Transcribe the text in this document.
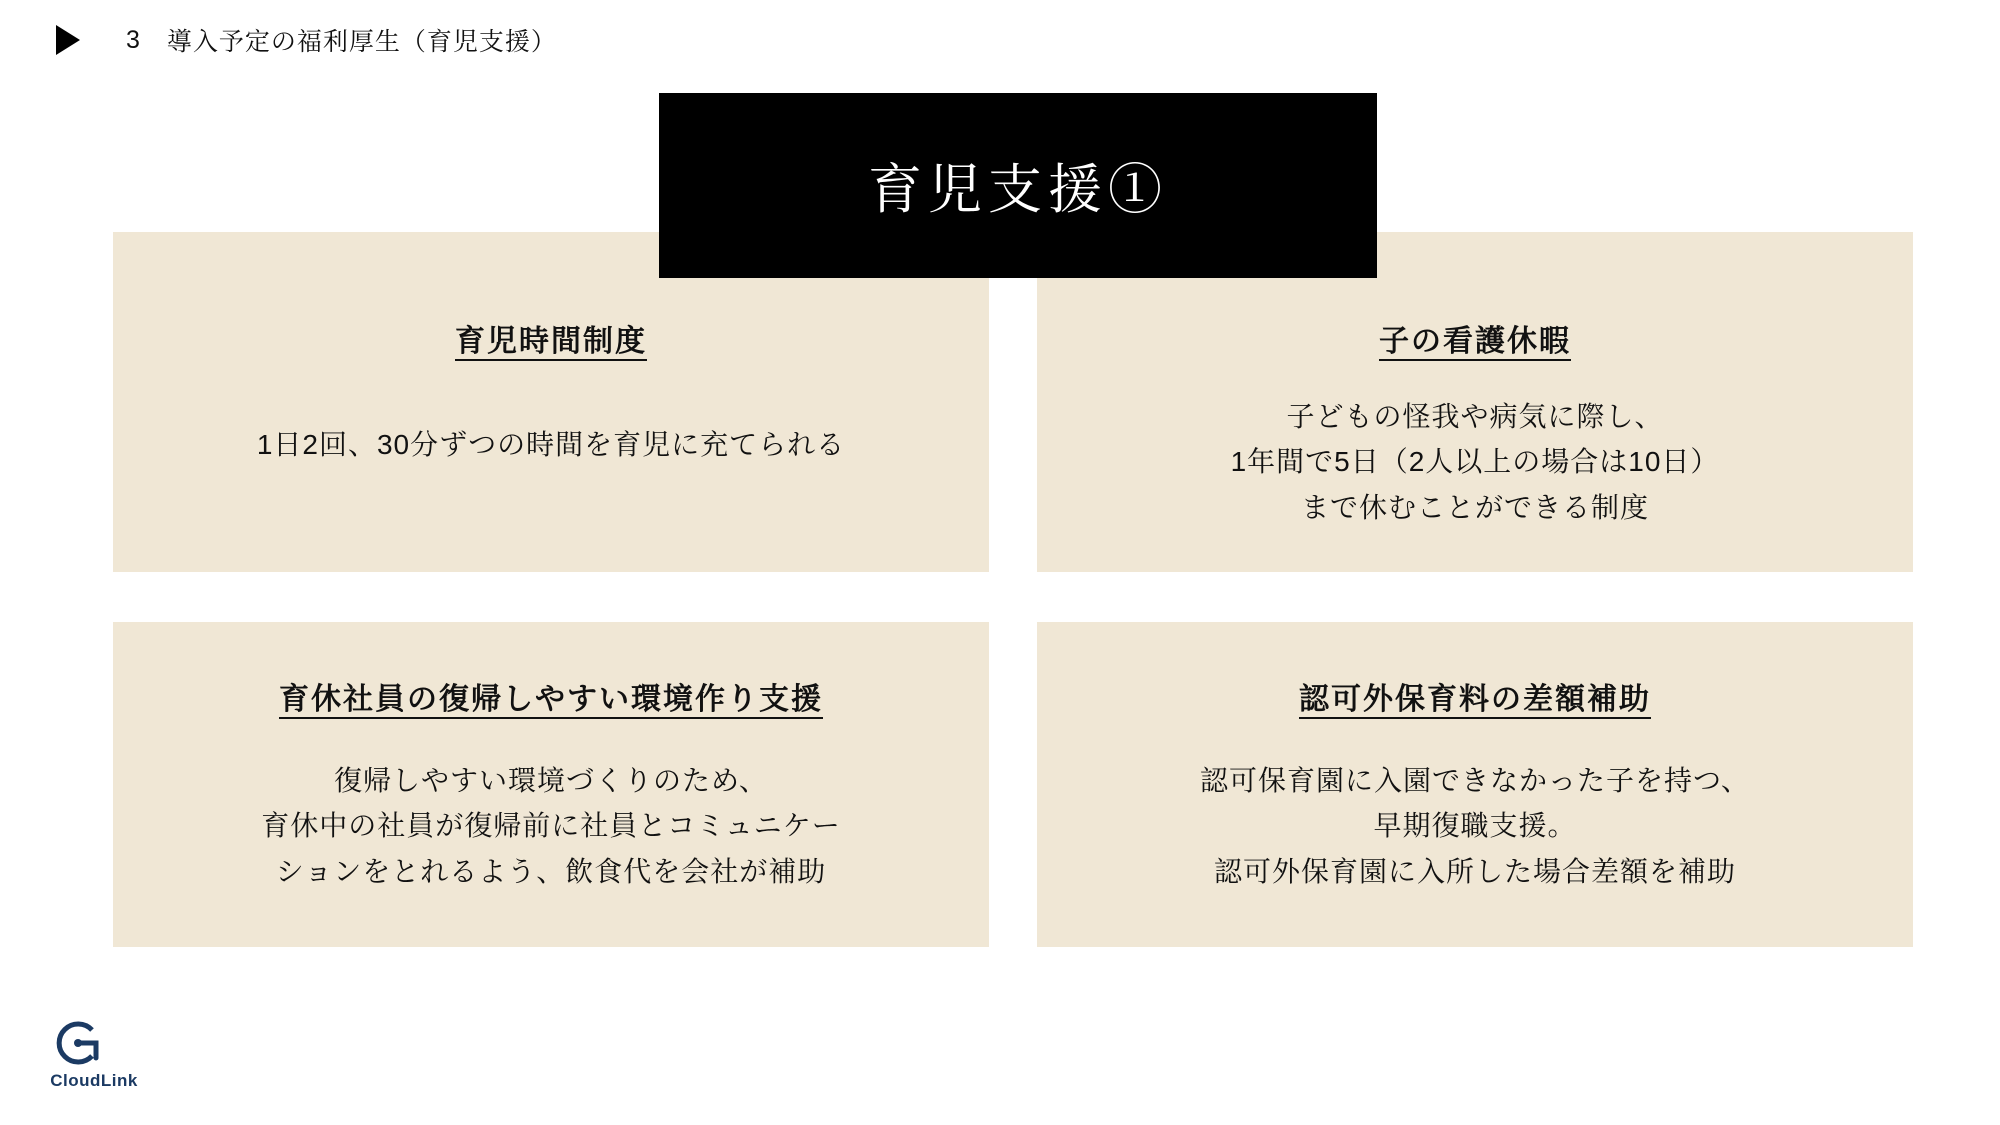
3 導入予定の福利厚生（育児支援）
育児支援①
育児時間制度
1日2回、30分ずつの時間を育児に充てられる
子の看護休暇
子どもの怪我や病気に際し、
1年間で5日（2人以上の場合は10日）
まで休むことができる制度
育休社員の復帰しやすい環境作り支援
復帰しやすい環境づくりのため、
育休中の社員が復帰前に社員とコミュニケー
ションをとれるよう、飲食代を会社が補助
認可外保育料の差額補助
認可保育園に入園できなかった子を持つ、
早期復職支援。
認可外保育園に入所した場合差額を補助
CloudLink
